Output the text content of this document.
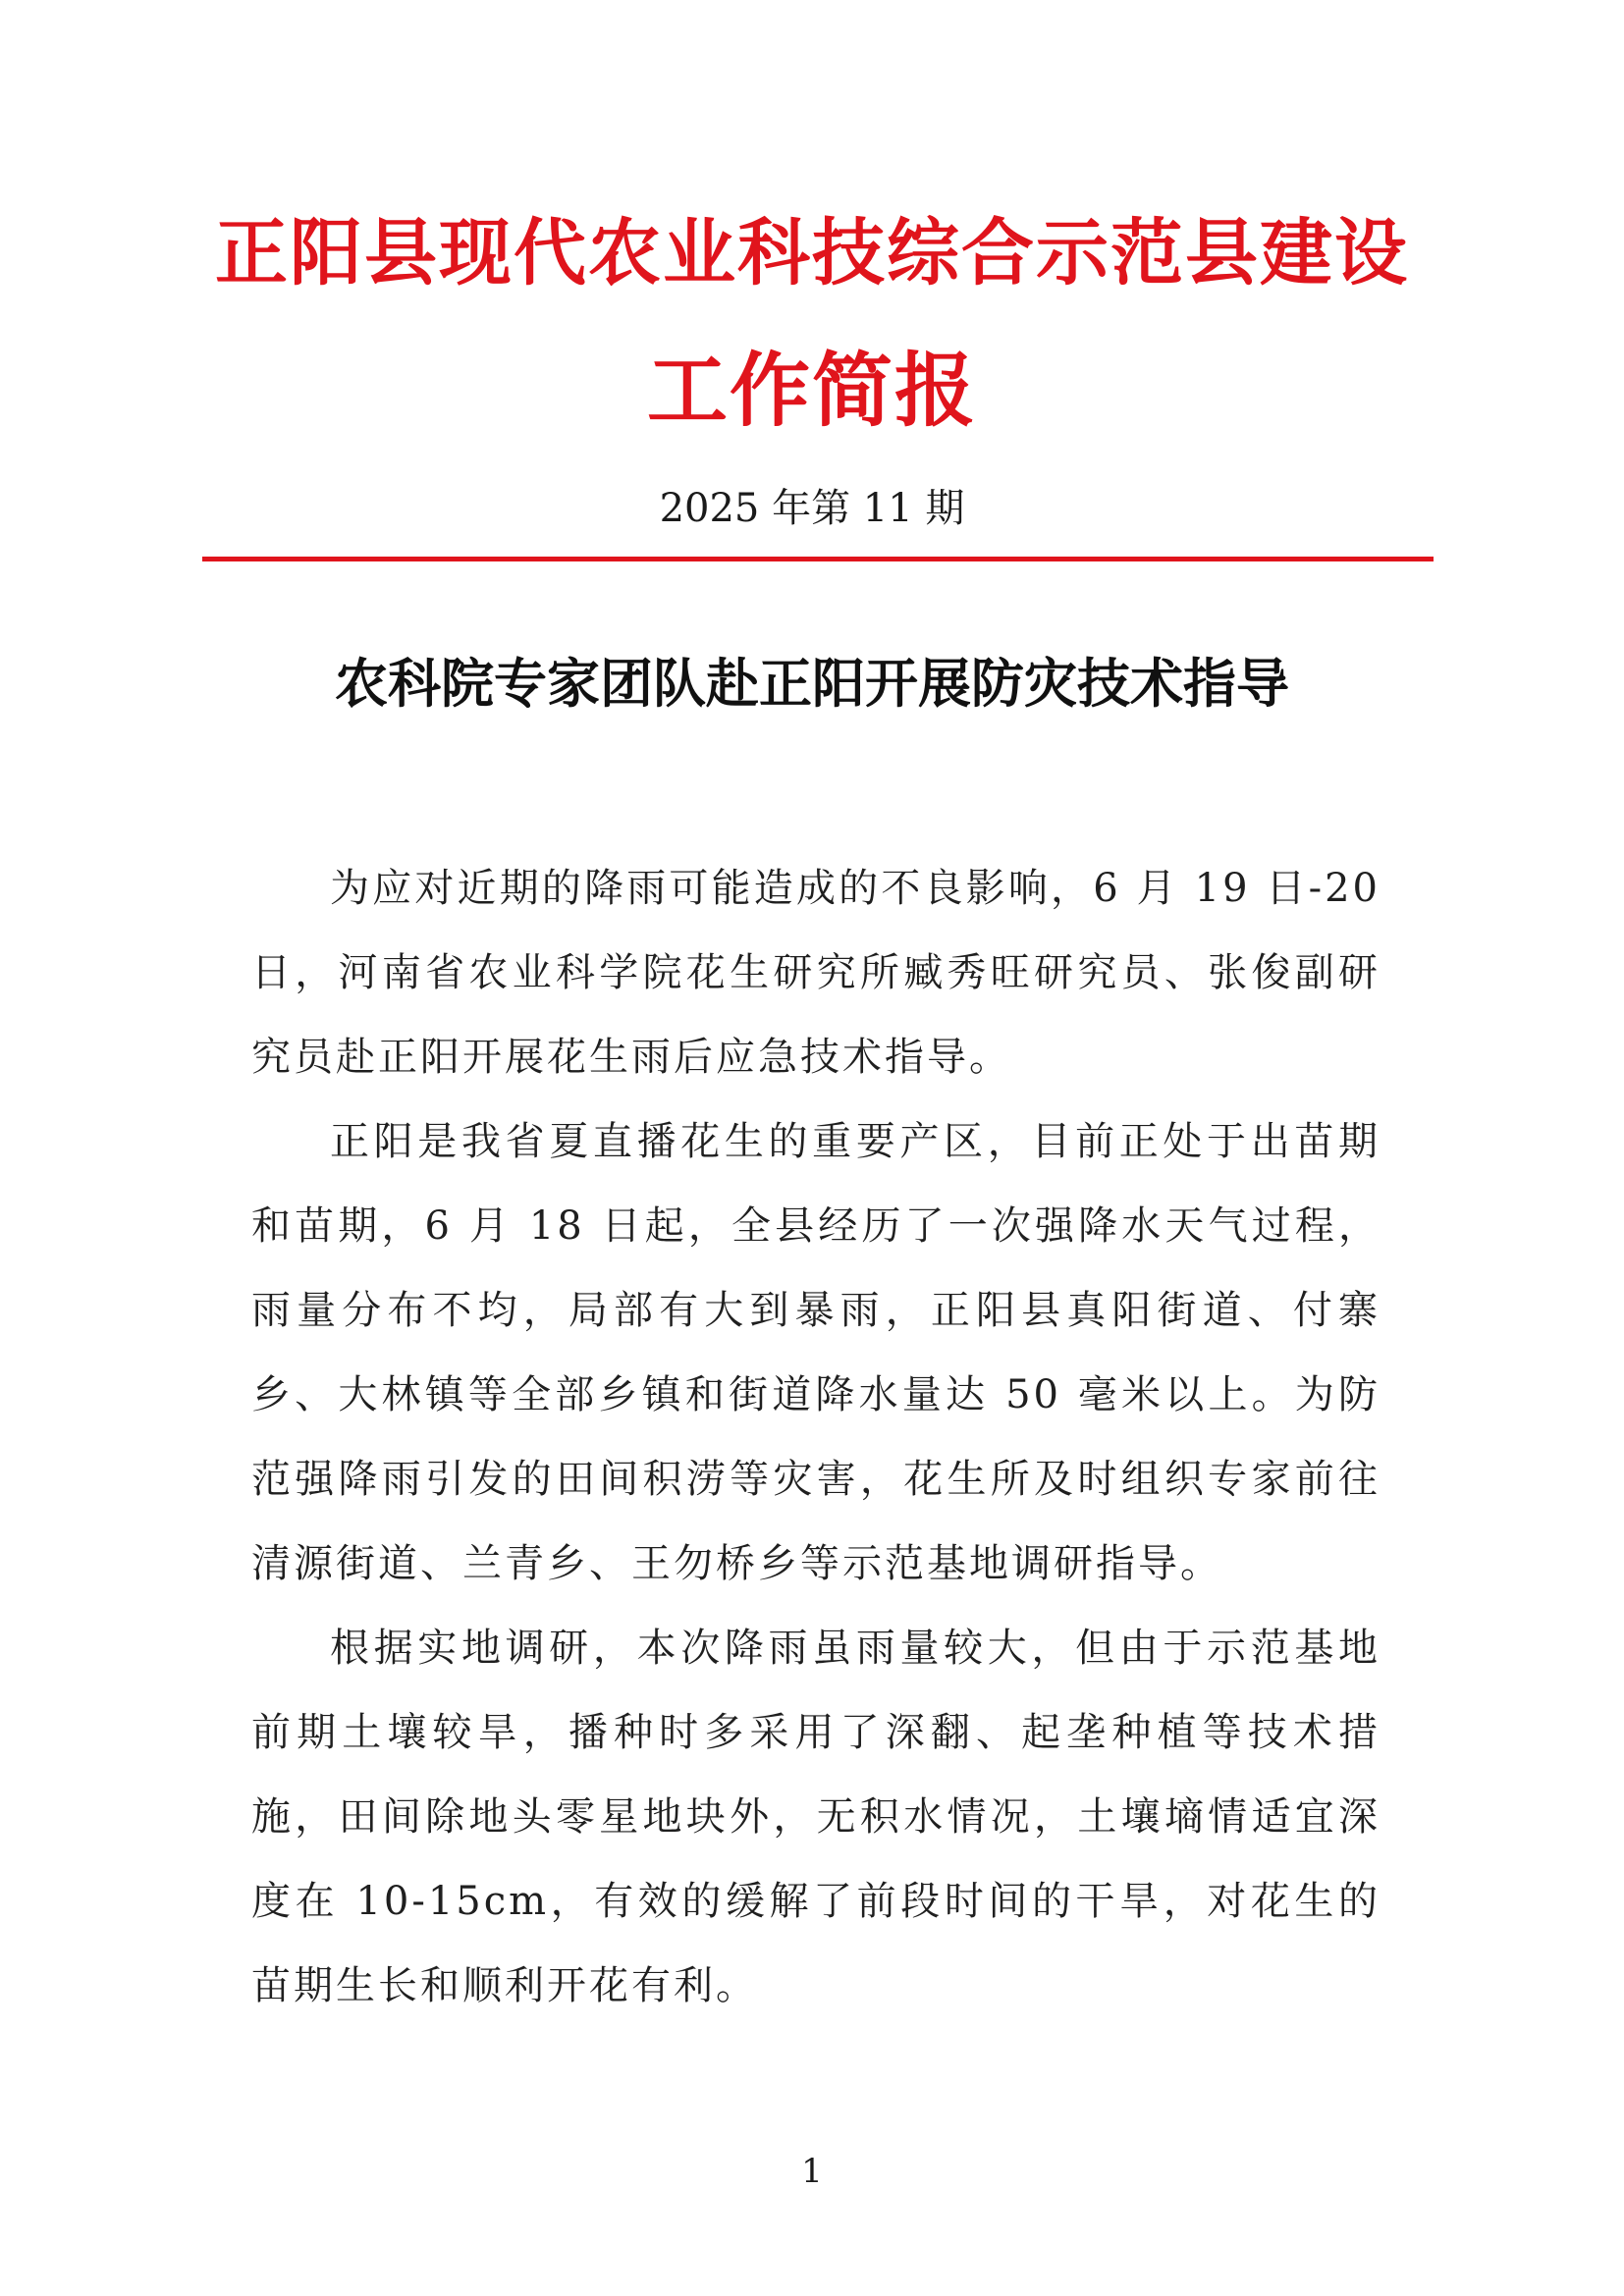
正阳县现代农业科技综合示范县建设
工作简报
2025 年第 11 期
农科院专家团队赴正阳开展防灾技术指导

为应对近期的降雨可能造成的不良影响，6 月 19 日-20 日，河南省农业科学院花生研究所臧秀旺研究员、张俊副研究员赴正阳开展花生雨后应急技术指导。

正阳是我省夏直播花生的重要产区，目前正处于出苗期和苗期，6 月 18 日起，全县经历了一次强降水天气过程，雨量分布不均，局部有大到暴雨，正阳县真阳街道、付寨乡、大林镇等全部乡镇和街道降水量达 50 毫米以上。为防范强降雨引发的田间积涝等灾害，花生所及时组织专家前往清源街道、兰青乡、王勿桥乡等示范基地调研指导。

根据实地调研，本次降雨虽雨量较大，但由于示范基地前期土壤较旱，播种时多采用了深翻、起垄种植等技术措施，田间除地头零星地块外，无积水情况，土壤墒情适宜深度在 10-15cm，有效的缓解了前段时间的干旱，对花生的苗期生长和顺利开花有利。

1
